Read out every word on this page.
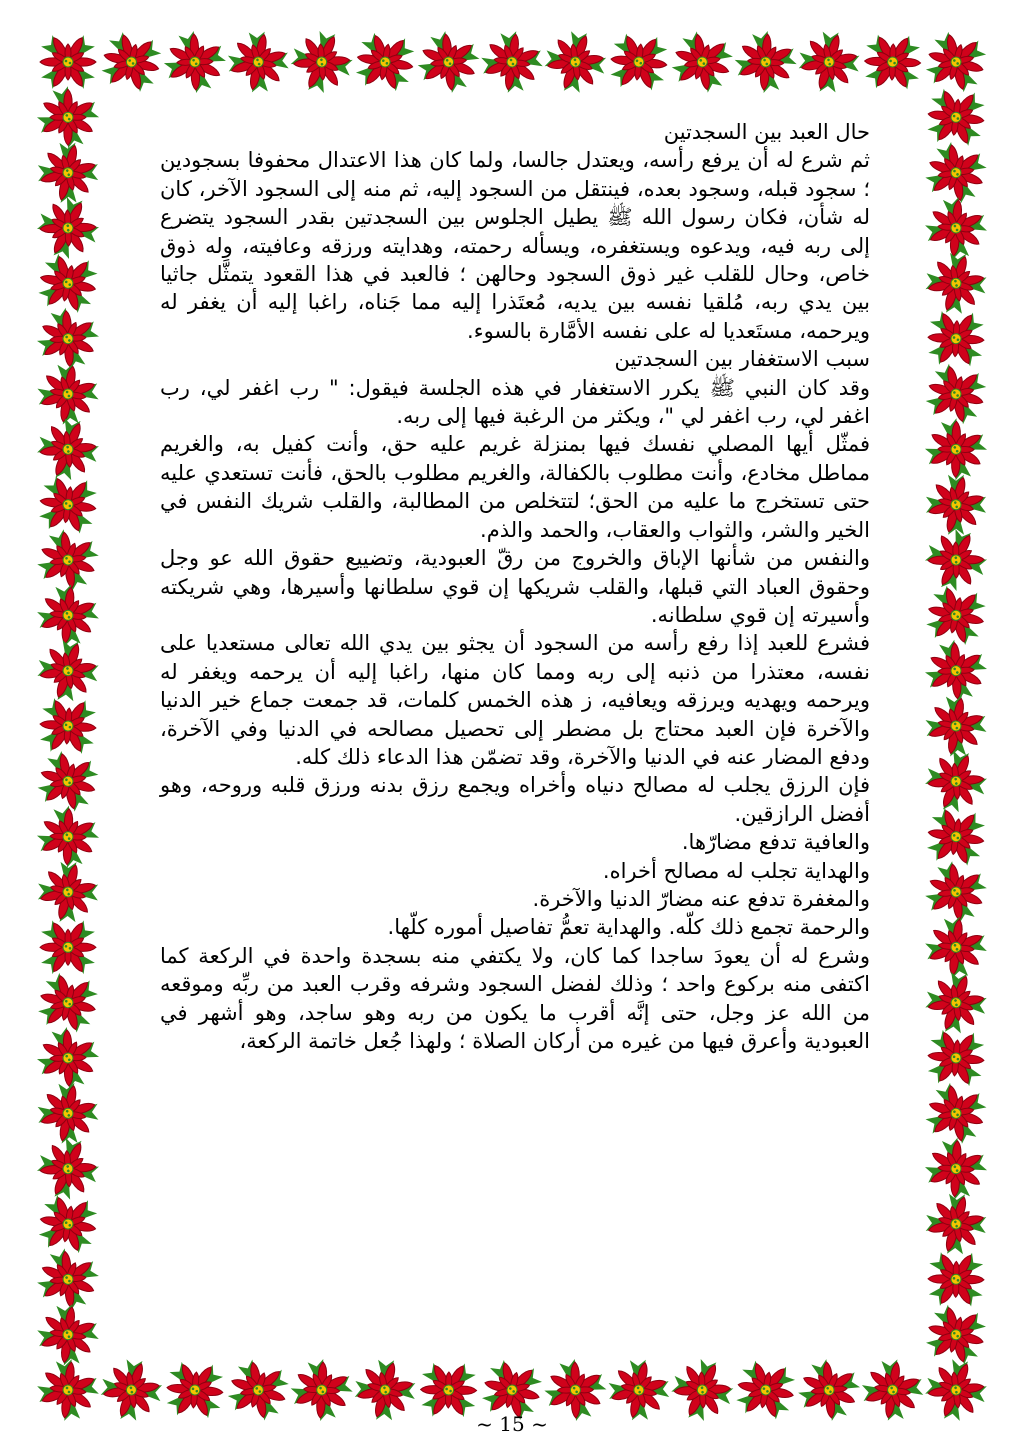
حال العبد بين السجدتين

ثم شرع له أن يرفع رأسه، ويعتدل جالسا، ولما كان هذا الاعتدال محفوفا بسجودين ؛ سجود قبله، وسجود بعده، فينتقل من السجود إليه، ثم منه إلى السجود الآخر، كان له شأن، فكان رسول الله ﷺ يطيل الجلوس بين السجدتين بقدر السجود يتضرع إلى ربه فيه، ويدعوه ويستغفره، ويسأله رحمته، وهدايته ورزقه وعافيته، وله ذوق خاص، وحال للقلب غير ذوق السجود وحالهن ؛ فالعبد في هذا القعود يتمثَّل جاثيا بين يدي ربه، مُلقيا نفسه بين يديه، مُعتَذرا إليه مما جَناه، راغبا إليه أن يغفر له ويرحمه، مستَعديا له على نفسه الأمَّارة بالسوء.

سبب الاستغفار بين السجدتين

وقد كان النبي ﷺ يكرر الاستغفار في هذه الجلسة فيقول: " رب اغفر لي، رب اغفر لي، رب اغفر لي "، ويكثر من الرغبة فيها إلى ربه.

فمثّل أيها المصلي نفسك فيها بمنزلة غريم عليه حق، وأنت كفيل به، والغريم مماطل مخادع، وأنت مطلوب بالكفالة، والغريم مطلوب بالحق، فأنت تستعدي عليه حتى تستخرج ما عليه من الحق؛ لتتخلص من المطالبة، والقلب شريك النفس في الخير والشر، والثواب والعقاب، والحمد والذم.

والنفس من شأنها الإباق والخروج من رقّ العبودية، وتضييع حقوق الله عو وجل وحقوق العباد التي قبلها، والقلب شريكها إن قوي سلطانها وأسيرها، وهي شريكته وأسيرته إن قوي سلطانه.

فشرع للعبد إذا رفع رأسه من السجود أن يجثو بين يدي الله تعالى مستعديا على نفسه، معتذرا من ذنبه إلى ربه ومما كان منها، راغبا إليه أن يرحمه ويغفر له ويرحمه ويهديه ويرزقه ويعافيه، ز هذه الخمس كلمات، قد جمعت جماع خير الدنيا والآخرة فإن العبد محتاج بل مضطر إلى تحصيل مصالحه في الدنيا وفي الآخرة، ودفع المضار عنه في الدنيا والآخرة، وقد تضمّن هذا الدعاء ذلك كله.

فإن الرزق يجلب له مصالح دنياه وأخراه ويجمع رزق بدنه ورزق قلبه وروحه، وهو أفضل الرازقين.

والعافية تدفع مضارّها.

والهداية تجلب له مصالح أخراه.

والمغفرة تدفع عنه مضارّ الدنيا والآخرة.

والرحمة تجمع ذلك كلّه. والهداية تعمُّ تفاصيل أموره كلّها.

وشرع له أن يعودَ ساجدا كما كان، ولا يكتفي منه بسجدة واحدة في الركعة كما اكتفى منه بركوع واحد ؛ وذلك لفضل السجود وشرفه وقرب العبد من ربِّه وموقعه من الله عز وجل، حتى إنَّه أقرب ما يكون من ربه وهو ساجد، وهو أشهر في العبودية وأعرق فيها من غيره من أركان الصلاة ؛ ولهذا جُعل خاتمة الركعة،

~ 15 ~
